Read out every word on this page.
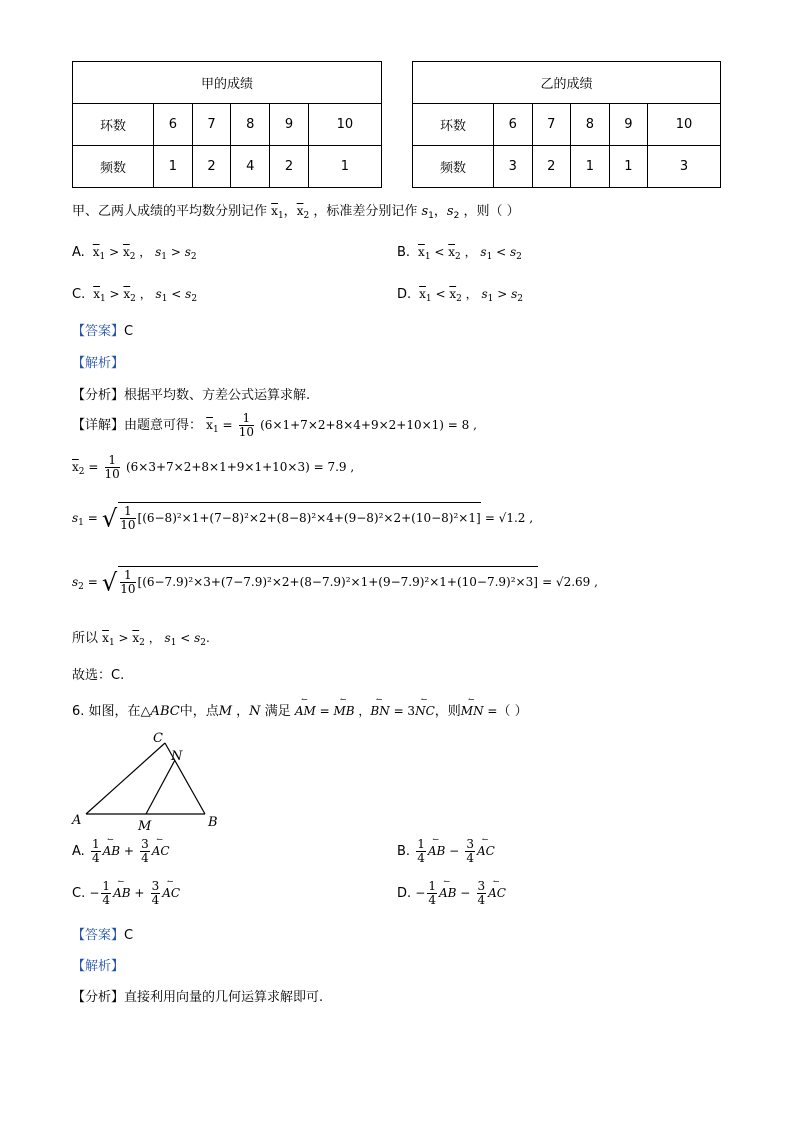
甲的成绩					
环数	6	7	8	9	10
频数	1	2	4	2	1
乙的成绩					
环数	6	7	8	9	10
频数	3	2	1	1	3
甲、乙两人成绩的平均数分别记作 $\overline{x}_1$，$\overline{x}_2$ ，标准差分别记作 $s_1$，$s_2$ ，则（ ）
A. $\overline{x}_1 > \overline{x}_2$ ， $s_1 > s_2$	B. $\overline{x}_1 < \overline{x}_2$ ， $s_1 < s_2$
C. $\overline{x}_1 > \overline{x}_2$ ， $s_1 < s_2$	D. $\overline{x}_1 < \overline{x}_2$ ， $s_1 > s_2$
【答案】C
【解析】
【分析】根据平均数、方差公式运算求解.
【详解】由题意可得： $\overline{x}_1 = \frac{1}{10} (6\times 1+7\times 2+8\times 4+9\times 2+10\times 1) = 8$ ,
$\overline{x}_2 = \frac{1}{10} (6\times 3+7\times 2+8\times 1+9\times 1+10\times 3) = 7.9$ ,
$s_1$ = √ $\frac{1}{10} [(6-8)^2\times 1+(7-8)^2\times 2+(8-8)^2\times 4+(9-8)^2\times 2+(10-8)^2\times 1] = √1.2$ ,
$s_2$ = √ $\frac{1}{10} [(6-7.9)^2\times 3+(7-7.9)^2\times 2+(8-7.9)^2\times 1+(9-7.9)^2\times 1+(10-7.9)^2\times 3] = √2.69$ ,
所以 $\overline{x}_1 > \overline{x}_2$ ， $s_1 < s_2$.
故选：C.
6. 如图，在△ABC中，点M ，N 满足 ↼ AM = ↼ MB ，↼ BN = 3↼ NC，则↼ MN =（ ）
A	B
C
M
N
A. $\frac{1}{4}$ ↼ AB + $\frac{3}{4}$ ↼ AC	B. $\frac{1}{4}$ ↼ AB − $\frac{3}{4}$ ↼ AC
C. − $\frac{1}{4}$ ↼ AB + $\frac{3}{4}$ ↼ AC	D. − $\frac{1}{4}$ ↼ AB − $\frac{3}{4}$ ↼ AC
【答案】C
【解析】
【分析】直接利用向量的几何运算求解即可.
